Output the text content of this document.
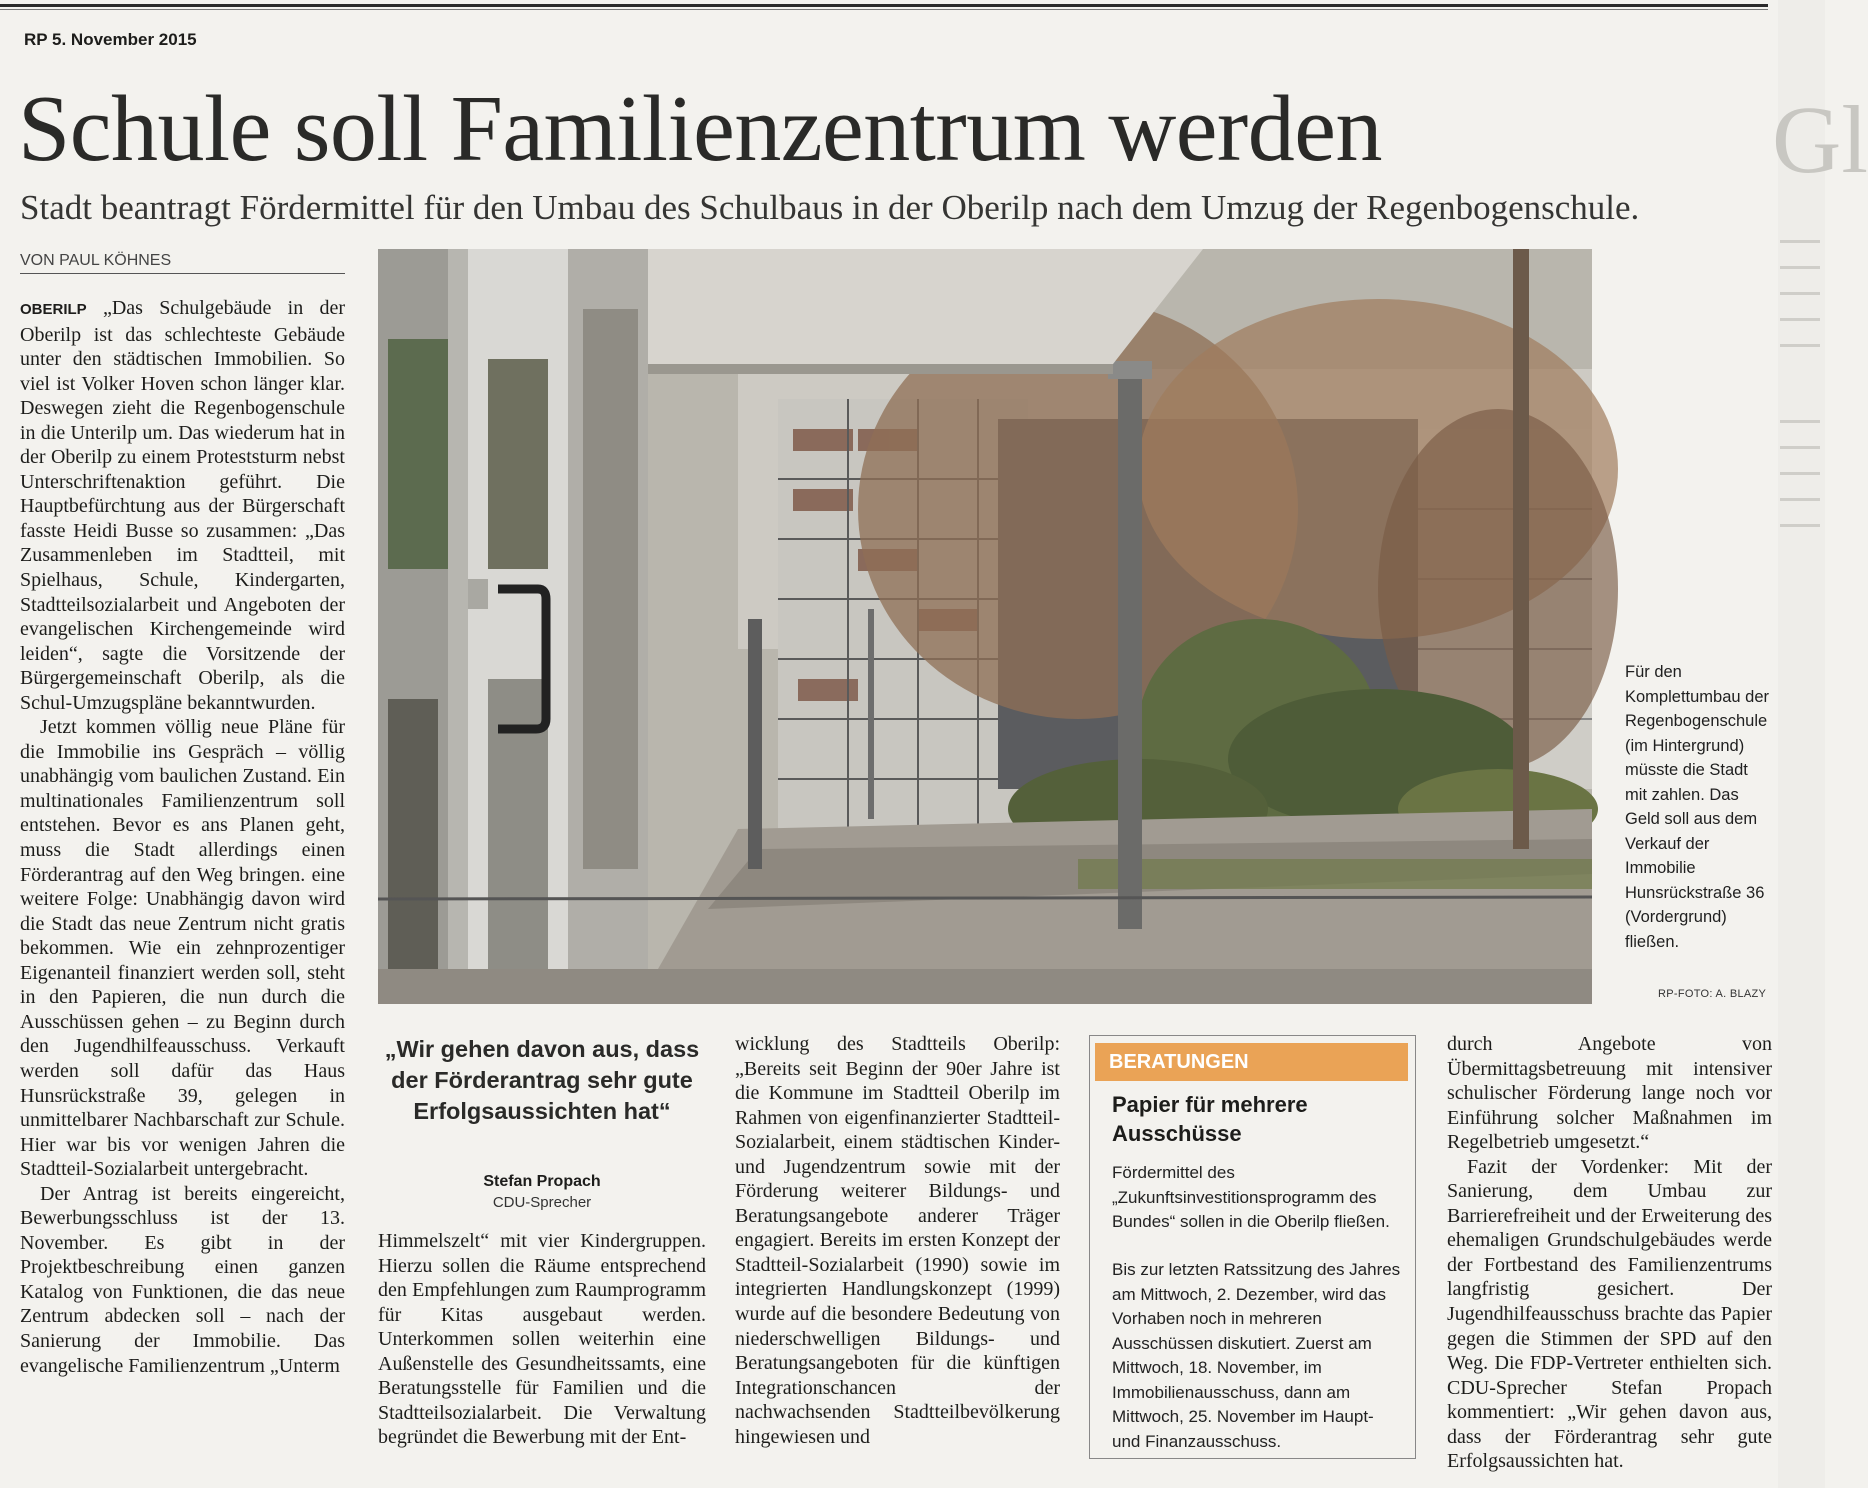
RP 5. November 2015
Gl
Schule soll Familienzentrum werden
Stadt beantragt Fördermittel für den Umbau des Schulbaus in der Oberilp nach dem Umzug der Regenbogenschule.
VON PAUL KÖHNES

OBERILP „Das Schulgebäude in der Oberilp ist das schlechteste Gebäude unter den städtischen Immobilien. So viel ist Volker Hoven schon länger klar. Deswegen zieht die Regenbogenschule in die Unterilp um. Das wiederum hat in der Oberilp zu einem Proteststurm nebst Unterschriftenaktion geführt. Die Hauptbefürchtung aus der Bürgerschaft fasste Heidi Busse so zusammen: „Das Zusammenleben im Stadtteil, mit Spielhaus, Schule, Kindergarten, Stadtteilsozialarbeit und Angeboten der evangelischen Kirchengemeinde wird leiden“, sagte die Vorsitzende der Bürgergemeinschaft Oberilp, als die Schul-Umzugspläne bekanntwurden.

Jetzt kommen völlig neue Pläne für die Immobilie ins Gespräch – völlig unabhängig vom baulichen Zustand. Ein multinationales Familienzentrum soll entstehen. Bevor es ans Planen geht, muss die Stadt allerdings einen Förderantrag auf den Weg bringen. eine weitere Folge: Unabhängig davon wird die Stadt das neue Zentrum nicht gratis bekommen. Wie ein zehnprozentiger Eigenanteil finanziert werden soll, steht in den Papieren, die nun durch die Ausschüssen gehen – zu Beginn durch den Jugendhilfeausschuss. Verkauft werden soll dafür das Haus Hunsrückstraße 39, gelegen in unmittelbarer Nachbarschaft zur Schule. Hier war bis vor wenigen Jahren die Stadtteil-Sozialarbeit untergebracht.

Der Antrag ist bereits eingereicht, Bewerbungsschluss ist der 13. November. Es gibt in der Projektbeschreibung einen ganzen Katalog von Funktionen, die das neue Zentrum abdecken soll – nach der Sanierung der Immobilie. Das evangelische Familienzentrum „Unterm

Für den Komplettumbau der Regenbogenschule (im Hintergrund) müsste die Stadt mit zahlen. Das Geld soll aus dem Verkauf der Immobilie Hunsrückstraße 36 (Vordergrund) fließen.
RP-FOTO: A. BLAZY
„Wir gehen davon aus, dass der Förderantrag sehr gute Erfolgsaussichten hat“
Stefan Propach
CDU-Sprecher

Himmelszelt“ mit vier Kindergruppen. Hierzu sollen die Räume entsprechend den Empfehlungen zum Raumprogramm für Kitas ausgebaut werden. Unterkommen sollen weiterhin eine Außenstelle des Gesundheitssamts, eine Beratungsstelle für Familien und die Stadtteilsozialarbeit. Die Verwaltung begründet die Bewerbung mit der Ent-

wicklung des Stadtteils Oberilp: „Bereits seit Beginn der 90er Jahre ist die Kommune im Stadtteil Oberilp im Rahmen von eigenfinanzierter Stadtteil-Sozialarbeit, einem städtischen Kinder- und Jugendzentrum sowie mit der Förderung weiterer Bildungs- und Beratungsangebote anderer Träger engagiert. Bereits im ersten Konzept der Stadtteil-Sozialarbeit (1990) sowie im integrierten Handlungskonzept (1999) wurde auf die besondere Bedeutung von niederschwelligen Bildungs- und Beratungsangeboten für die künftigen Integrationschancen der nachwachsenden Stadtteilbevölkerung hingewiesen und

BERATUNGEN
Papier für mehrere Ausschüsse
Fördermittel des „Zukunftsinvestitionsprogramm des Bundes“ sollen in die Oberilp fließen.
Bis zur letzten Ratssitzung des Jahres am Mittwoch, 2. Dezember, wird das Vorhaben noch in mehreren Ausschüssen diskutiert. Zuerst am Mittwoch, 18. November, im Immobilienausschuss, dann am Mittwoch, 25. November im Haupt- und Finanzausschuss.

durch Angebote von Übermittagsbetreuung mit intensiver schulischer Förderung lange noch vor Einführung solcher Maßnahmen im Regelbetrieb umgesetzt.“

Fazit der Vordenker: Mit der Sanierung, dem Umbau zur Barrierefreiheit und der Erweiterung des ehemaligen Grundschulgebäudes werde der Fortbestand des Familienzentrums langfristig gesichert. Der Jugendhilfeausschuss brachte das Papier gegen die Stimmen der SPD auf den Weg. Die FDP-Vertreter enthielten sich. CDU-Sprecher Stefan Propach kommentiert: „Wir gehen davon aus, dass der Förderantrag sehr gute Erfolgsaussichten hat.
